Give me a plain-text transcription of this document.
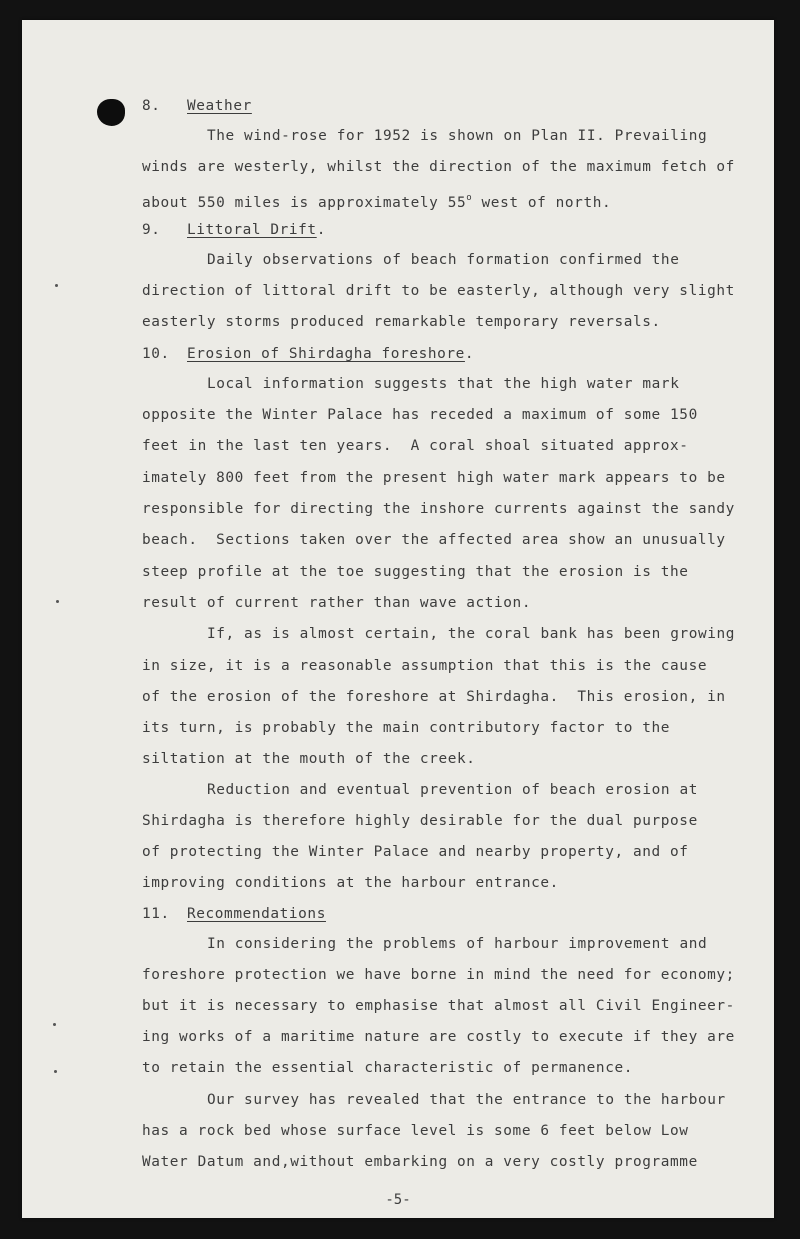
8. Weather
The wind-rose for 1952 is shown on Plan II. Prevailing
winds are westerly, whilst the direction of the maximum fetch of
about 550 miles is approximately 55$^o$ west of north.
9. Littoral Drift.
Daily observations of beach formation confirmed the
direction of littoral drift to be easterly, although very slight
easterly storms produced remarkable temporary reversals.
10. Erosion of Shirdagha foreshore.
Local information suggests that the high water mark
opposite the Winter Palace has receded a maximum of some 150
feet in the last ten years.  A coral shoal situated approx-
imately 800 feet from the present high water mark appears to be
responsible for directing the inshore currents against the sandy
beach.  Sections taken over the affected area show an unusually
steep profile at the toe suggesting that the erosion is the
result of current rather than wave action.
If, as is almost certain, the coral bank has been growing
in size, it is a reasonable assumption that this is the cause
of the erosion of the foreshore at Shirdagha.  This erosion, in
its turn, is probably the main contributory factor to the
siltation at the mouth of the creek.
Reduction and eventual prevention of beach erosion at
Shirdagha is therefore highly desirable for the dual purpose
of protecting the Winter Palace and nearby property, and of
improving conditions at the harbour entrance.
11. Recommendations
In considering the problems of harbour improvement and
foreshore protection we have borne in mind the need for economy;
but it is necessary to emphasise that almost all Civil Engineer-
ing works of a maritime nature are costly to execute if they are
to retain the essential characteristic of permanence.
Our survey has revealed that the entrance to the harbour
has a rock bed whose surface level is some 6 feet below Low
Water Datum and,without embarking on a very costly programme
-5-
